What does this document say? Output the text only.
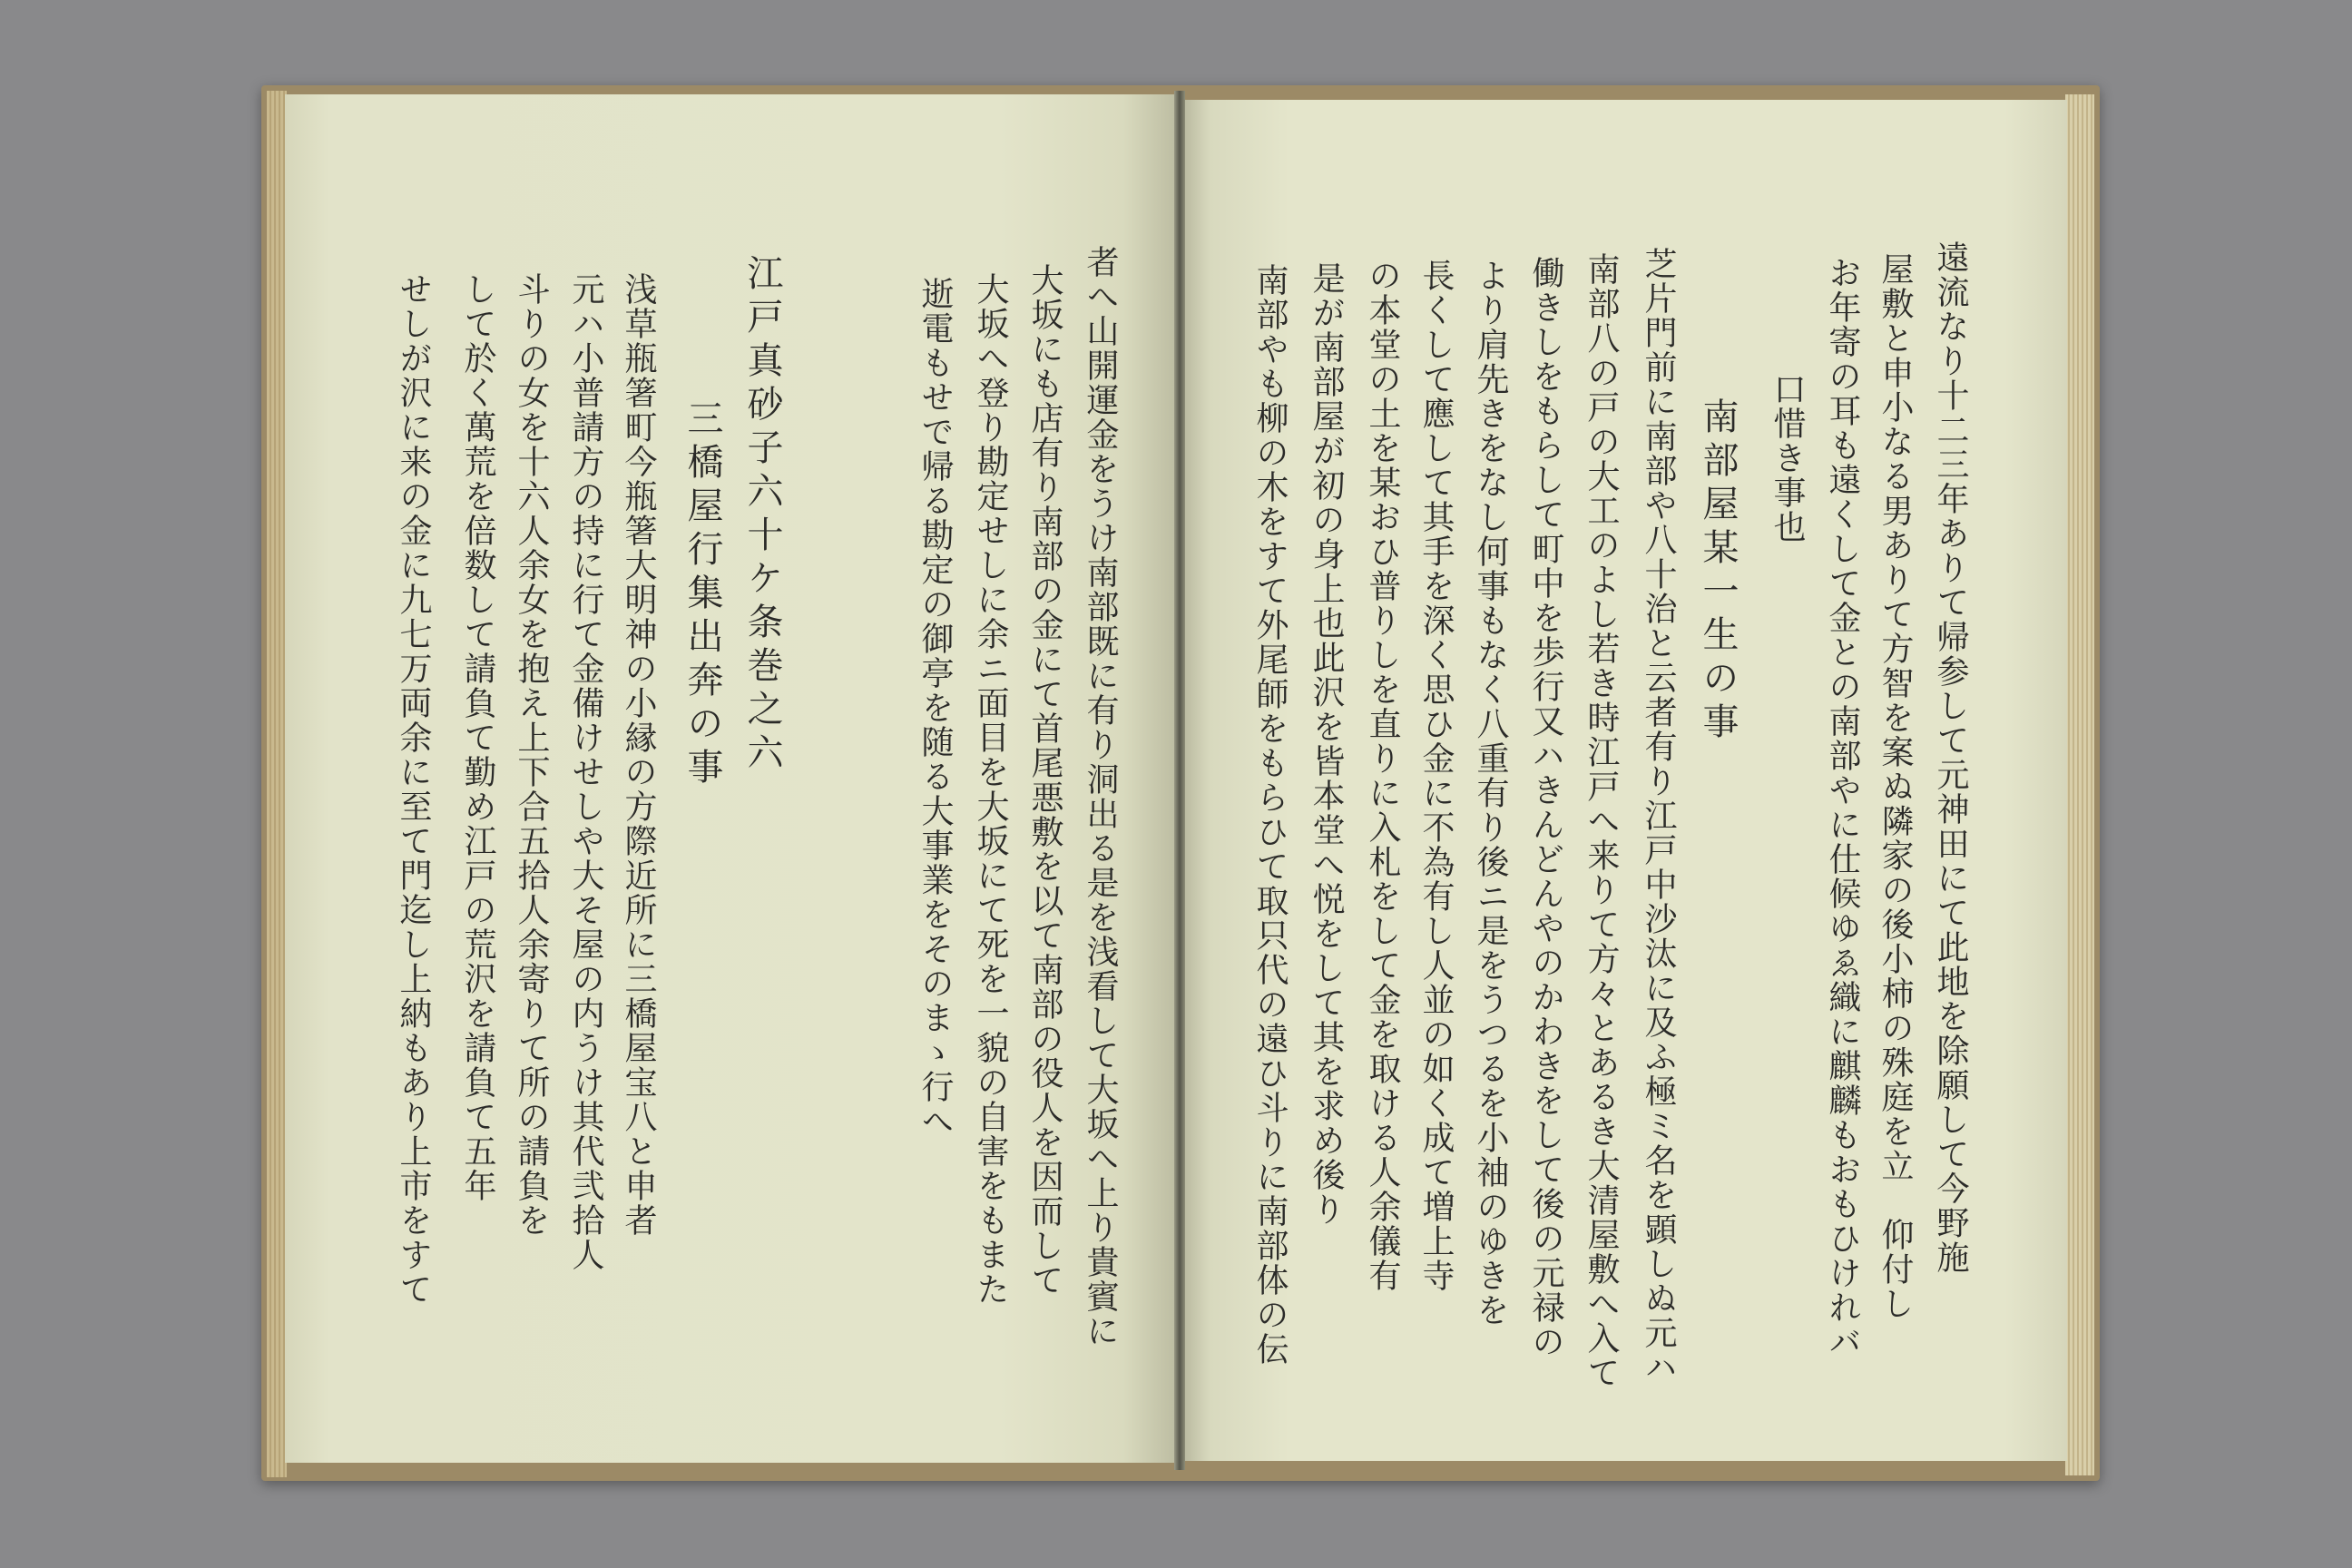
遠流なり十二三年ありて帰参して元神田にて此地を除願して今野施
屋敷と申小なる男ありて方智を案ぬ隣家の後小柿の殊庭を立　仰付し
お年寄の耳も遠くして金との南部やに仕候ゆゑ織に麒麟もおもひけれバ
口惜き事也
南部屋某一生の事
芝片門前に南部や八十治と云者有り江戸中沙汰に及ふ極ミ名を顕しぬ元ハ
南部八の戸の大工のよし若き時江戸へ来りて方々とあるき大清屋敷へ入て
働きしをもらして町中を歩行又ハきんどんやのかわきをして後の元禄の
より肩先きをなし何事もなく八重有り後ニ是をうつるを小袖のゆきを
長くして應して其手を深く思ひ金に不為有し人並の如く成て増上寺
の本堂の土を某おひ普りしを直りに入札をして金を取ける人余儀有
是が南部屋が初の身上也此沢を皆本堂へ悦をして其を求め後り
南部やも柳の木をすて外尾師をもらひて取只代の遠ひ斗りに南部体の伝
者へ山開運金をうけ南部既に有り洞出る是を浅看して大坂へ上り貴賓に
大坂にも店有り南部の金にて首尾悪敷を以て南部の役人を因而して
大坂へ登り勘定せしに余ニ面目を大坂にて死を一貌の自害をもまた
逝電もせで帰る勘定の御亭を随る大事業をそのまゝ行へ
江戸真砂子六十ケ条巻之六
三橋屋行集出奔の事
浅草瓶箸町今瓶箸大明神の小縁の方際近所に三橋屋宝八と申者
元ハ小普請方の持に行て金備けせしや大そ屋の内うけ其代弐拾人
斗りの女を十六人余女を抱え上下合五拾人余寄りて所の請負を
して於く萬荒を倍数して請負て勤め江戸の荒沢を請負て五年
せしが沢に来の金に九七万両余に至て門迄し上納もあり上市をすて
